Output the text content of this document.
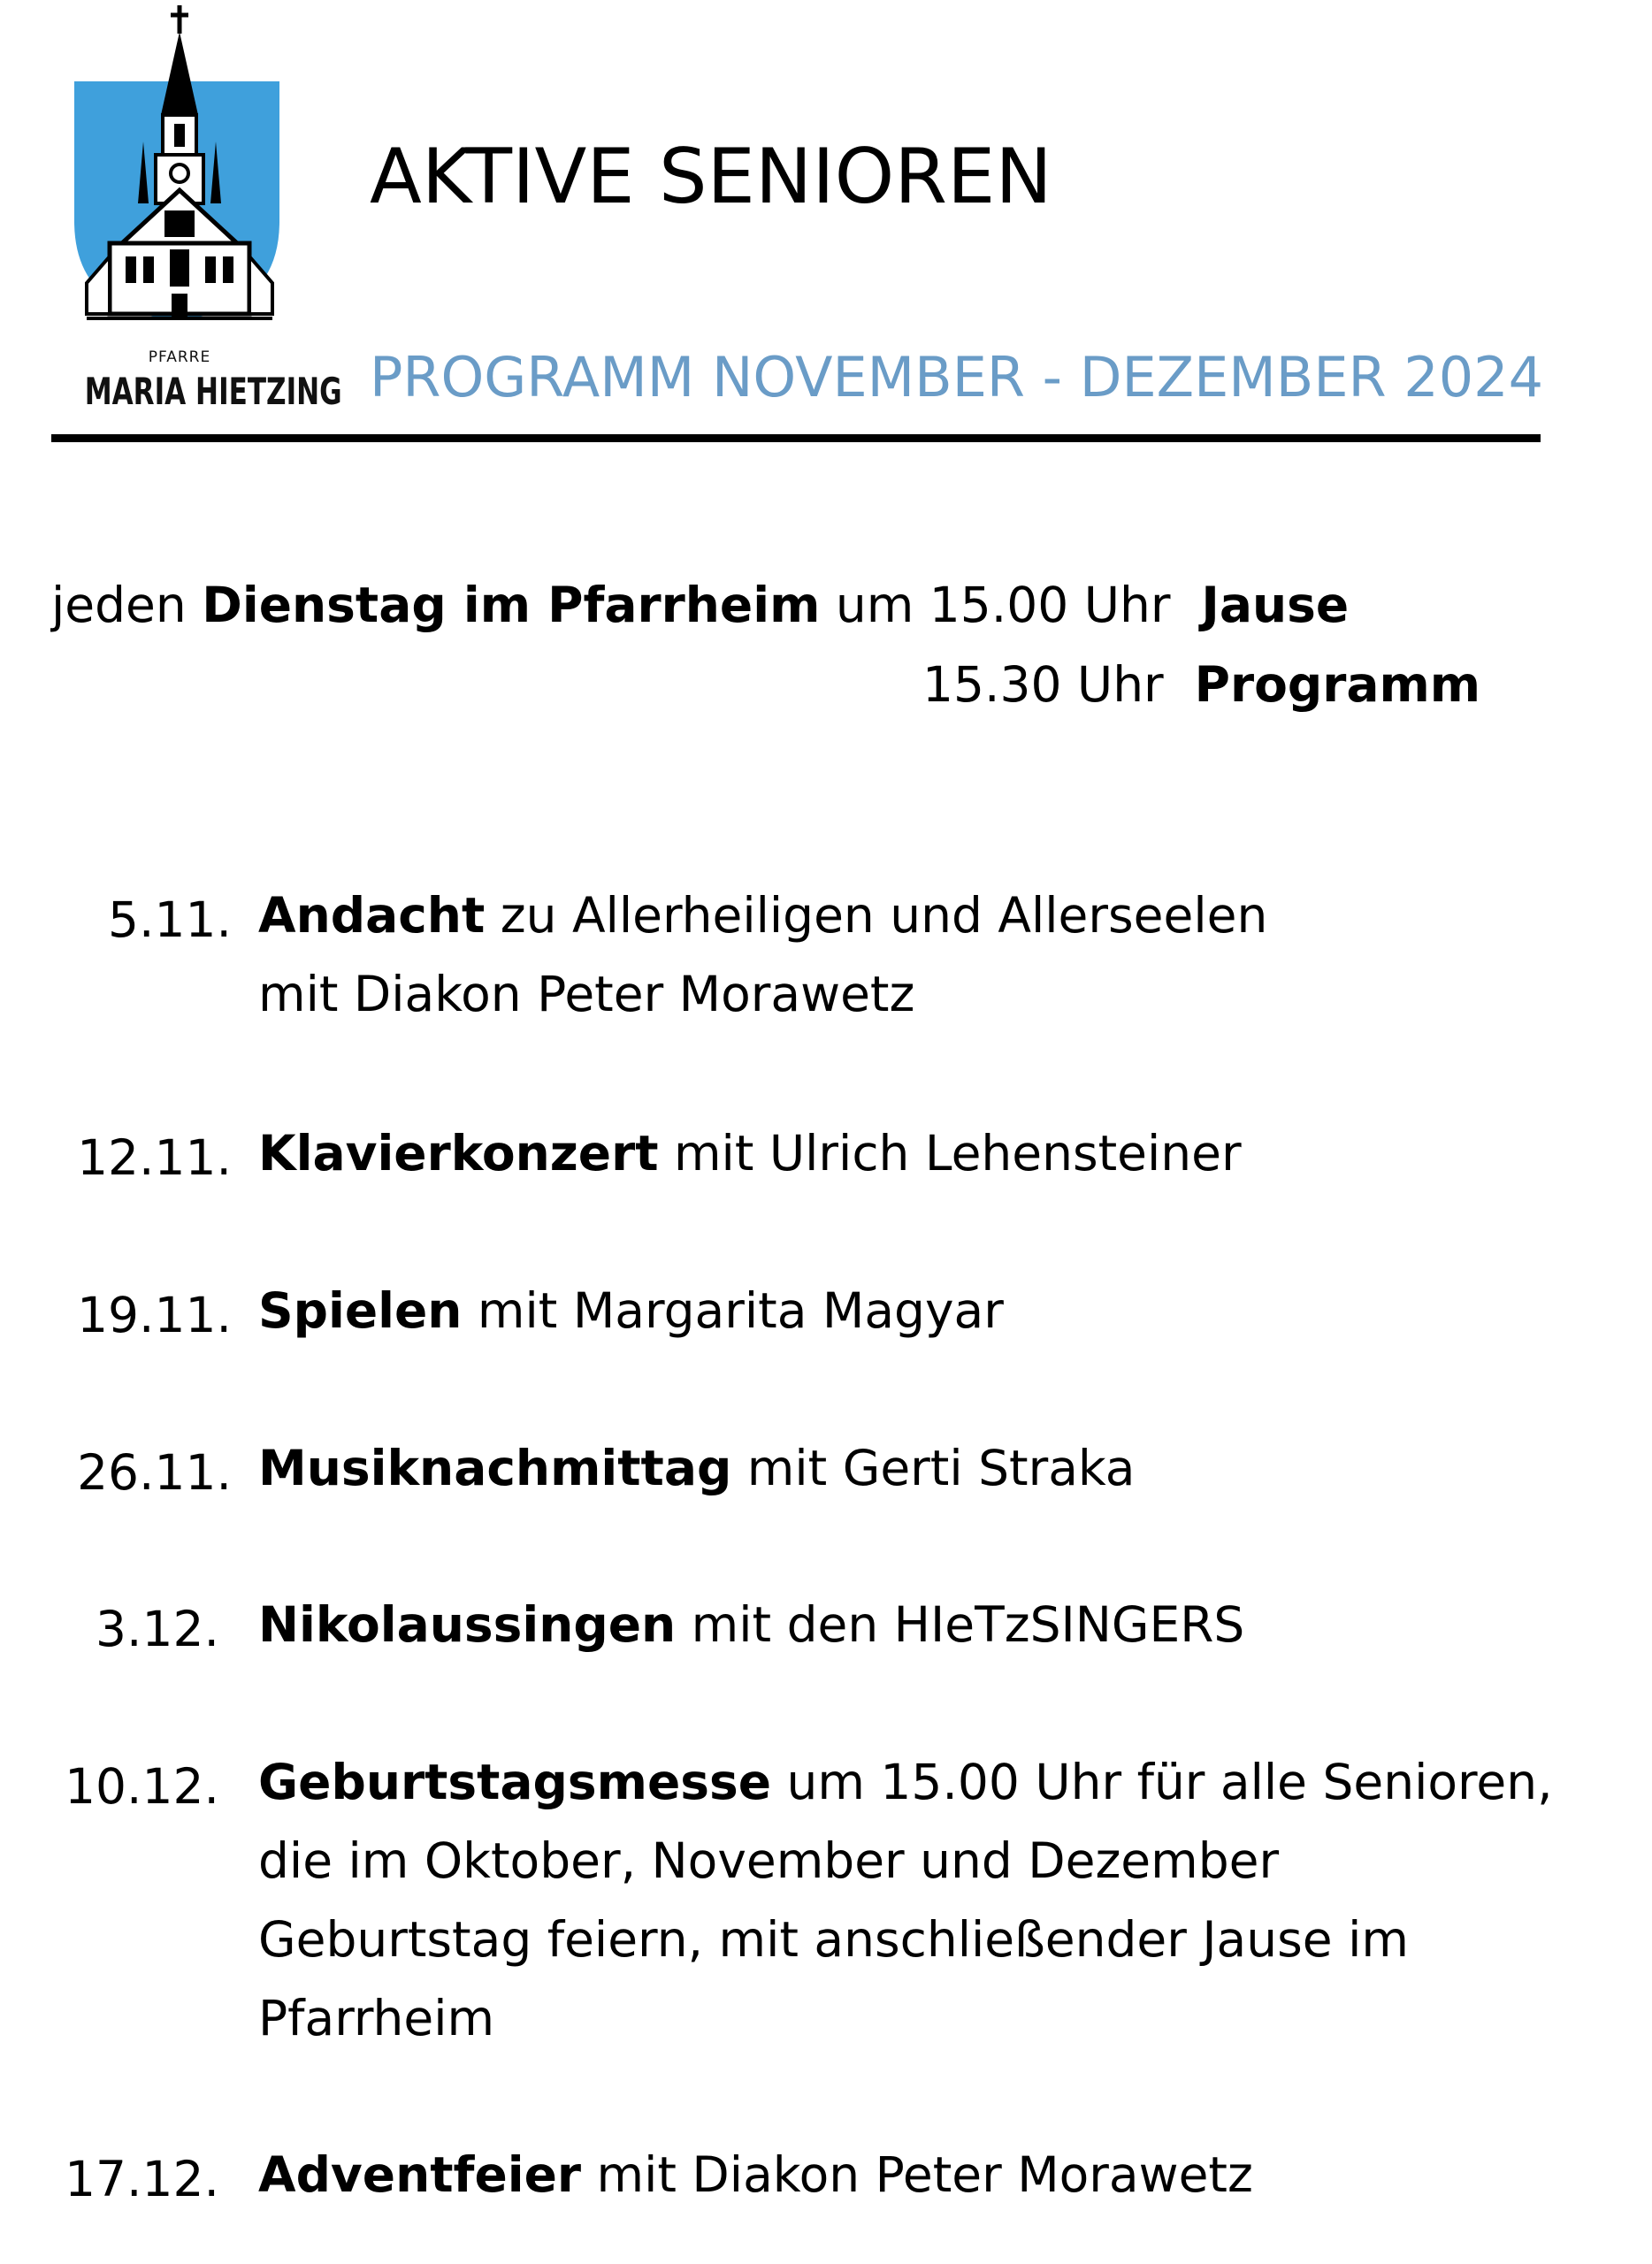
PFARRE
MARIA HIETZING
AKTIVE SENIOREN
PROGRAMM NOVEMBER - DEZEMBER 2024
jeden Dienstag im Pfarrheim um 15.00 Uhr  Jause
15.30 Uhr  Programm
5.11. Andacht zu Allerheiligen und Allerseelen
mit Diakon Peter Morawetz
12.11. Klavierkonzert mit Ulrich Lehensteiner
19.11. Spielen mit Margarita Magyar
26.11. Musiknachmittag mit Gerti Straka
3.12. Nikolaussingen mit den HIeTzSINGERS
10.12. Geburtstagsmesse um 15.00 Uhr für alle Senioren,
die im Oktober, November und Dezember
Geburtstag feiern, mit anschließender Jause im
Pfarrheim
17.12. Adventfeier mit Diakon Peter Morawetz
